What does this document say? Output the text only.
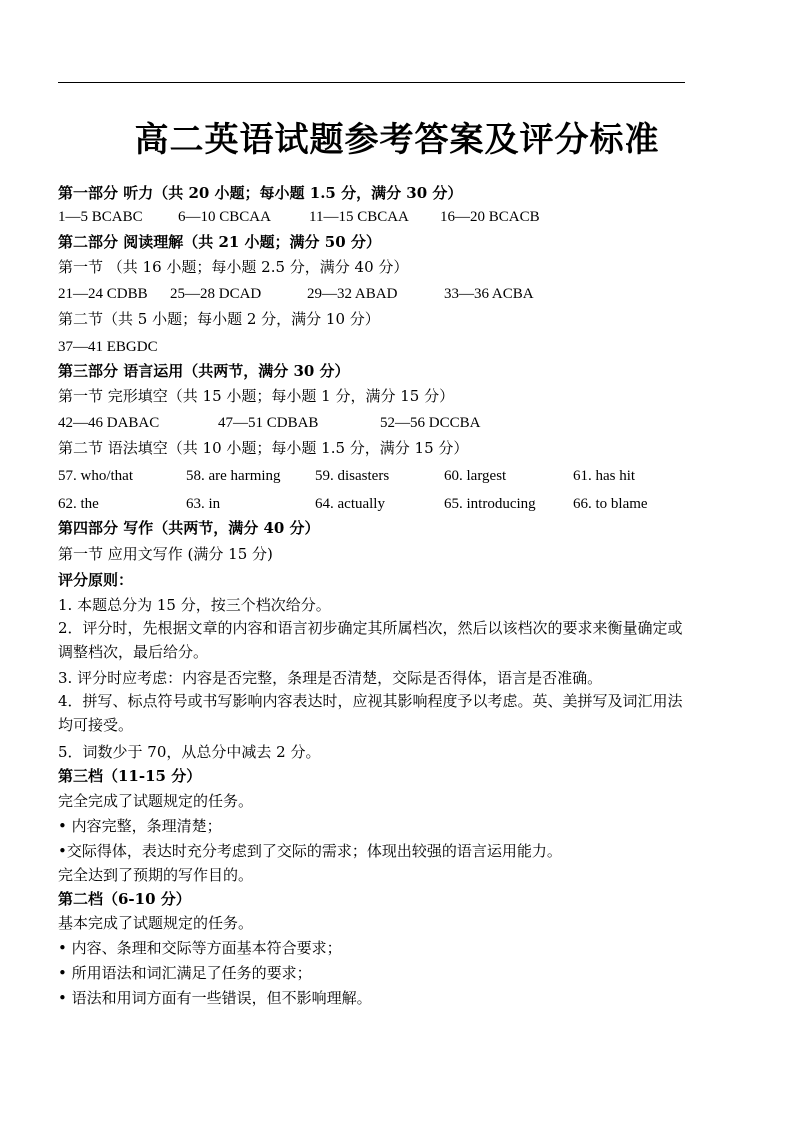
高二英语试题参考答案及评分标准
第一部分 听力（共 20 小题；每小题 1.5 分，满分 30 分）
1—5 BCABC 6—10 CBCAA	11—15 CBCAA 16—20 BCACB
第二部分 阅读理解（共 21 小题；满分 50 分）
第一节 （共 16 小题；每小题 2.5 分，满分 40 分）
21—24 CDBB 25—28 DCAD	29—32 ABAD	33—36 ACBA
第二节（共 5 小题；每小题 2 分，满分 10 分）
37—41 EBGDC
第三部分 语言运用（共两节，满分 30 分）
第一节 完形填空（共 15 小题；每小题 1 分，满分 15 分）
42—46 DABAC	47—51 CDBAB	52—56 DCCBA
第二节 语法填空（共 10 小题；每小题 1.5 分，满分 15 分）
57. who/that	58. are harming 59. disasters	60. largest	61. has hit
62. the	63. in	64. actually	65. introducing 66. to blame
第四部分 写作（共两节，满分 40 分）
第一节 应用文写作 (满分 15 分)
评分原则：
1. 本题总分为 15 分，按三个档次给分。
2．评分时，先根据文章的内容和语言初步确定其所属档次，然后以该档次的要求来衡量确定或调整档次，最后给分。
3. 评分时应考虑：内容是否完整，条理是否清楚，交际是否得体，语言是否准确。
4．拼写、标点符号或书写影响内容表达时，应视其影响程度予以考虑。英、美拼写及词汇用法均可接受。
5．词数少于 70，从总分中减去 2 分。
第三档（11-15 分）
完全完成了试题规定的任务。
• 内容完整，条理清楚；
•交际得体，表达时充分考虑到了交际的需求；体现出较强的语言运用能力。
完全达到了预期的写作目的。
第二档（6-10 分）
基本完成了试题规定的任务。
• 内容、条理和交际等方面基本符合要求；
• 所用语法和词汇满足了任务的要求；
• 语法和用词方面有一些错误，但不影响理解。
